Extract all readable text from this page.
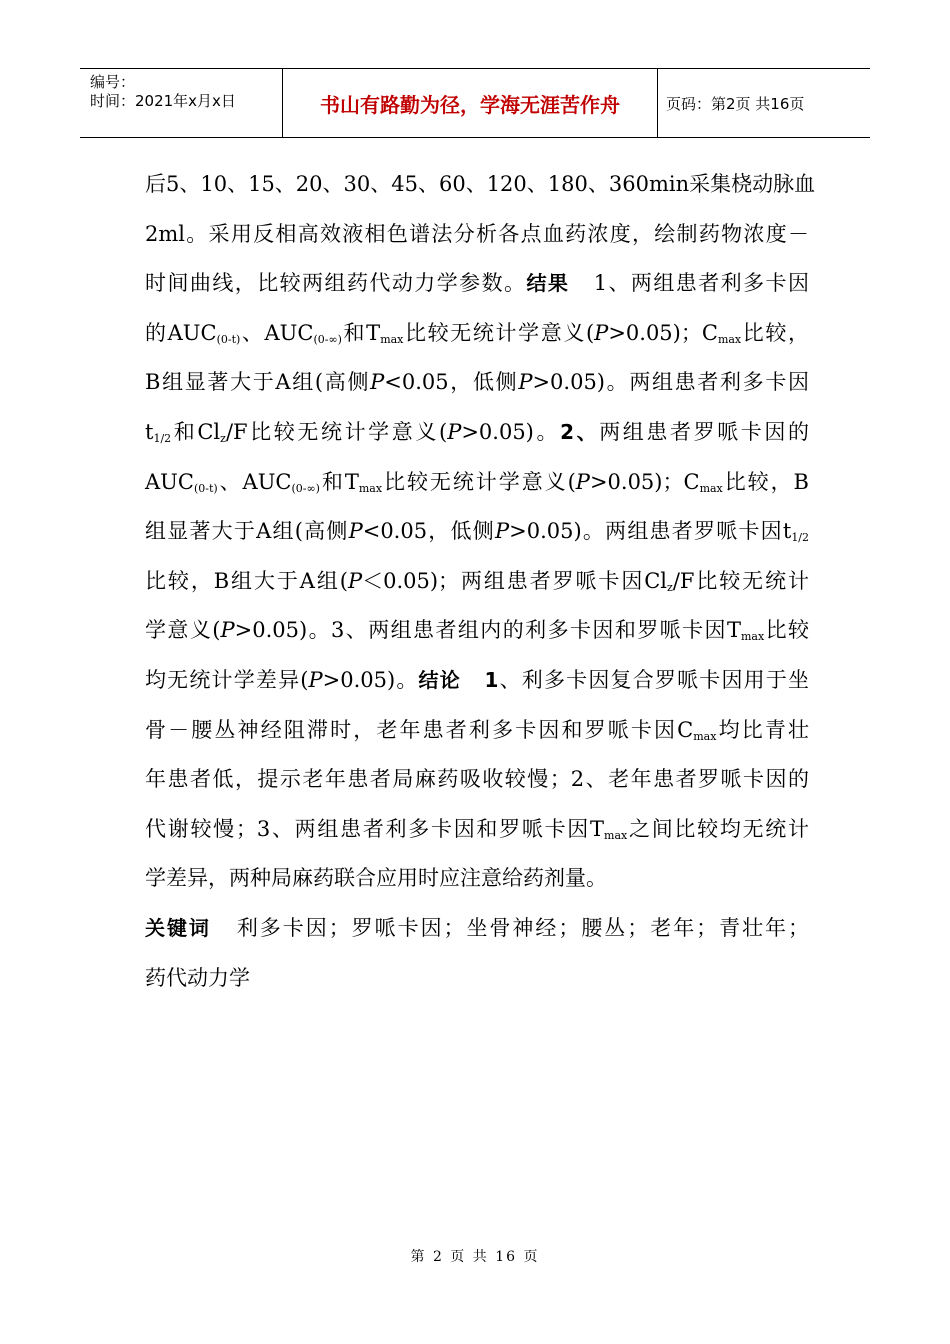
编号：
时间：2021年x月x日	书山有路勤为径，学海无涯苦作舟	页码：第2页 共16页

后5、10、15、20、30、45、60、120、180、360min采集桡动脉血
2ml。采用反相高效液相色谱法分析各点血药浓度，绘制药物浓度－
时间曲线，比较两组药代动力学参数。结果 1、两组患者利多卡因
的$AUC_{(0-t)}$、$AUC_{(0-\infty)}$和$T_{max}$比较无统计学意义(P>0.05)；$C_{max}$比较，
B组显著大于A组(高侧P<0.05，低侧P>0.05)。两组患者利多卡因
$t_{1/2}$和$Cl_z/F$比较无统计学意义(P>0.05)。2、两组患者罗哌卡因的
$AUC_{(0-t)}$、$AUC_{(0-\infty)}$和$T_{max}$比较无统计学意义(P>0.05)；$C_{max}$比较，B
组显著大于A组(高侧P<0.05，低侧P>0.05)。两组患者罗哌卡因$t_{1/2}$
比较，B组大于A组(P＜0.05)；两组患者罗哌卡因$Cl_z/F$比较无统计
学意义(P>0.05)。3、两组患者组内的利多卡因和罗哌卡因$T_{max}$比较
均无统计学差异(P>0.05)。结论 1、利多卡因复合罗哌卡因用于坐
骨－腰丛神经阻滞时，老年患者利多卡因和罗哌卡因$C_{max}$均比青壮
年患者低，提示老年患者局麻药吸收较慢；2、老年患者罗哌卡因的
代谢较慢；3、两组患者利多卡因和罗哌卡因$T_{max}$之间比较均无统计
学差异，两种局麻药联合应用时应注意给药剂量。

关键词 利多卡因；罗哌卡因；坐骨神经；腰丛；老年；青壮年；
药代动力学

第 2 页 共 16 页
